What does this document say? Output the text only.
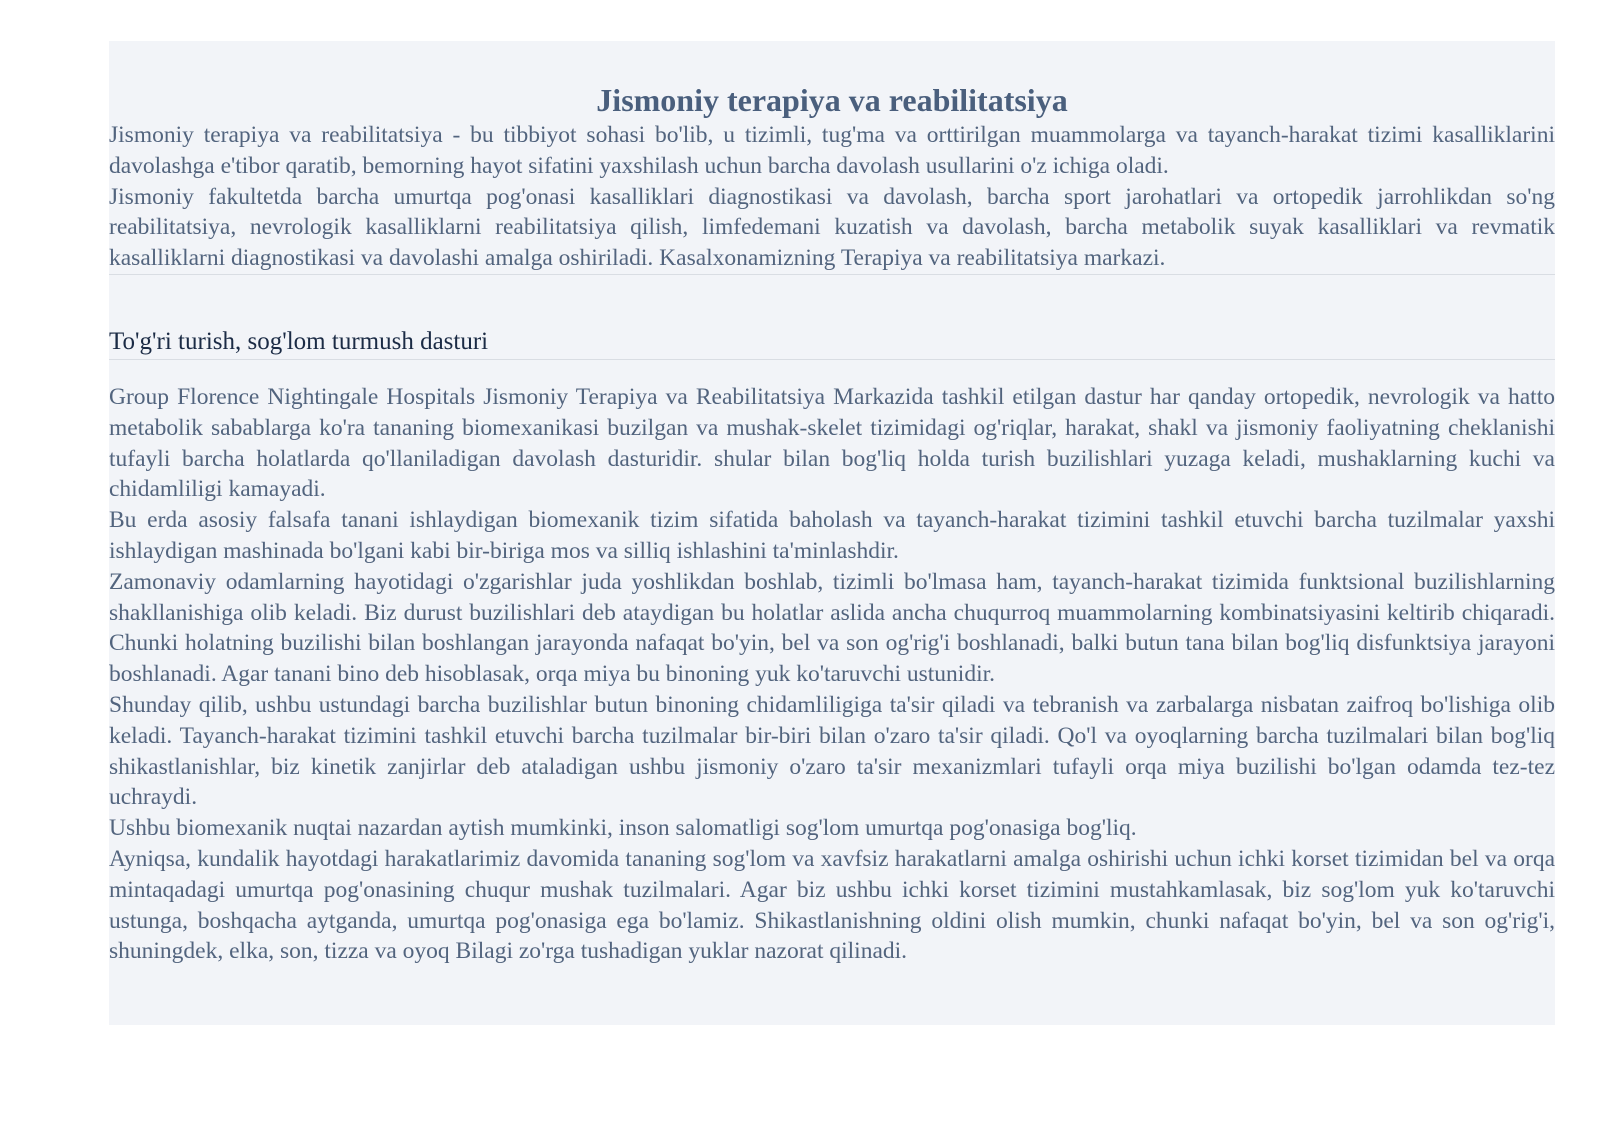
Jismoniy terapiya va reabilitatsiya

Jismoniy terapiya va reabilitatsiya - bu tibbiyot sohasi bo'lib, u tizimli, tug'ma va orttirilgan muammolarga va tayanch-harakat tizimi kasalliklarini davolashga e'tibor qaratib, bemorning hayot sifatini yaxshilash uchun barcha davolash usullarini o'z ichiga oladi.

Jismoniy fakultetda barcha umurtqa pog'onasi kasalliklari diagnostikasi va davolash, barcha sport jarohatlari va ortopedik jarrohlikdan so'ng reabilitatsiya, nevrologik kasalliklarni reabilitatsiya qilish, limfedemani kuzatish va davolash, barcha metabolik suyak kasalliklari va revmatik kasalliklarni diagnostikasi va davolashi amalga oshiriladi. Kasalxonamizning Terapiya va reabilitatsiya markazi.

To'g'ri turish, sog'lom turmush dasturi

Group Florence Nightingale Hospitals Jismoniy Terapiya va Reabilitatsiya Markazida tashkil etilgan dastur har qanday ortopedik, nevrologik va hatto metabolik sabablarga ko'ra tananing biomexanikasi buzilgan va mushak-skelet tizimidagi og'riqlar, harakat, shakl va jismoniy faoliyatning cheklanishi tufayli barcha holatlarda qo'llaniladigan davolash dasturidir. shular bilan bog'liq holda turish buzilishlari yuzaga keladi, mushaklarning kuchi va chidamliligi kamayadi.

Bu erda asosiy falsafa tanani ishlaydigan biomexanik tizim sifatida baholash va tayanch-harakat tizimini tashkil etuvchi barcha tuzilmalar yaxshi ishlaydigan mashinada bo'lgani kabi bir-biriga mos va silliq ishlashini ta'minlashdir.

Zamonaviy odamlarning hayotidagi o'zgarishlar juda yoshlikdan boshlab, tizimli bo'lmasa ham, tayanch-harakat tizimida funktsional buzilishlarning shakllanishiga olib keladi. Biz durust buzilishlari deb ataydigan bu holatlar aslida ancha chuqurroq muammolarning kombinatsiyasini keltirib chiqaradi. Chunki holatning buzilishi bilan boshlangan jarayonda nafaqat bo'yin, bel va son og'rig'i boshlanadi, balki butun tana bilan bog'liq disfunktsiya jarayoni boshlanadi. Agar tanani bino deb hisoblasak, orqa miya bu binoning yuk ko'taruvchi ustunidir.

Shunday qilib, ushbu ustundagi barcha buzilishlar butun binoning chidamliligiga ta'sir qiladi va tebranish va zarbalarga nisbatan zaifroq bo'lishiga olib keladi. Tayanch-harakat tizimini tashkil etuvchi barcha tuzilmalar bir-biri bilan o'zaro ta'sir qiladi. Qo'l va oyoqlarning barcha tuzilmalari bilan bog'liq shikastlanishlar, biz kinetik zanjirlar deb ataladigan ushbu jismoniy o'zaro ta'sir mexanizmlari tufayli orqa miya buzilishi bo'lgan odamda tez-tez uchraydi.

Ushbu biomexanik nuqtai nazardan aytish mumkinki, inson salomatligi sog'lom umurtqa pog'onasiga bog'liq.

Ayniqsa, kundalik hayotdagi harakatlarimiz davomida tananing sog'lom va xavfsiz harakatlarni amalga oshirishi uchun ichki korset tizimidan bel va orqa mintaqadagi umurtqa pog'onasining chuqur mushak tuzilmalari. Agar biz ushbu ichki korset tizimini mustahkamlasak, biz sog'lom yuk ko'taruvchi ustunga, boshqacha aytganda, umurtqa pog'onasiga ega bo'lamiz. Shikastlanishning oldini olish mumkin, chunki nafaqat bo'yin, bel va son og'rig'i, shuningdek, elka, son, tizza va oyoq Bilagi zo'rga tushadigan yuklar nazorat qilinadi.
